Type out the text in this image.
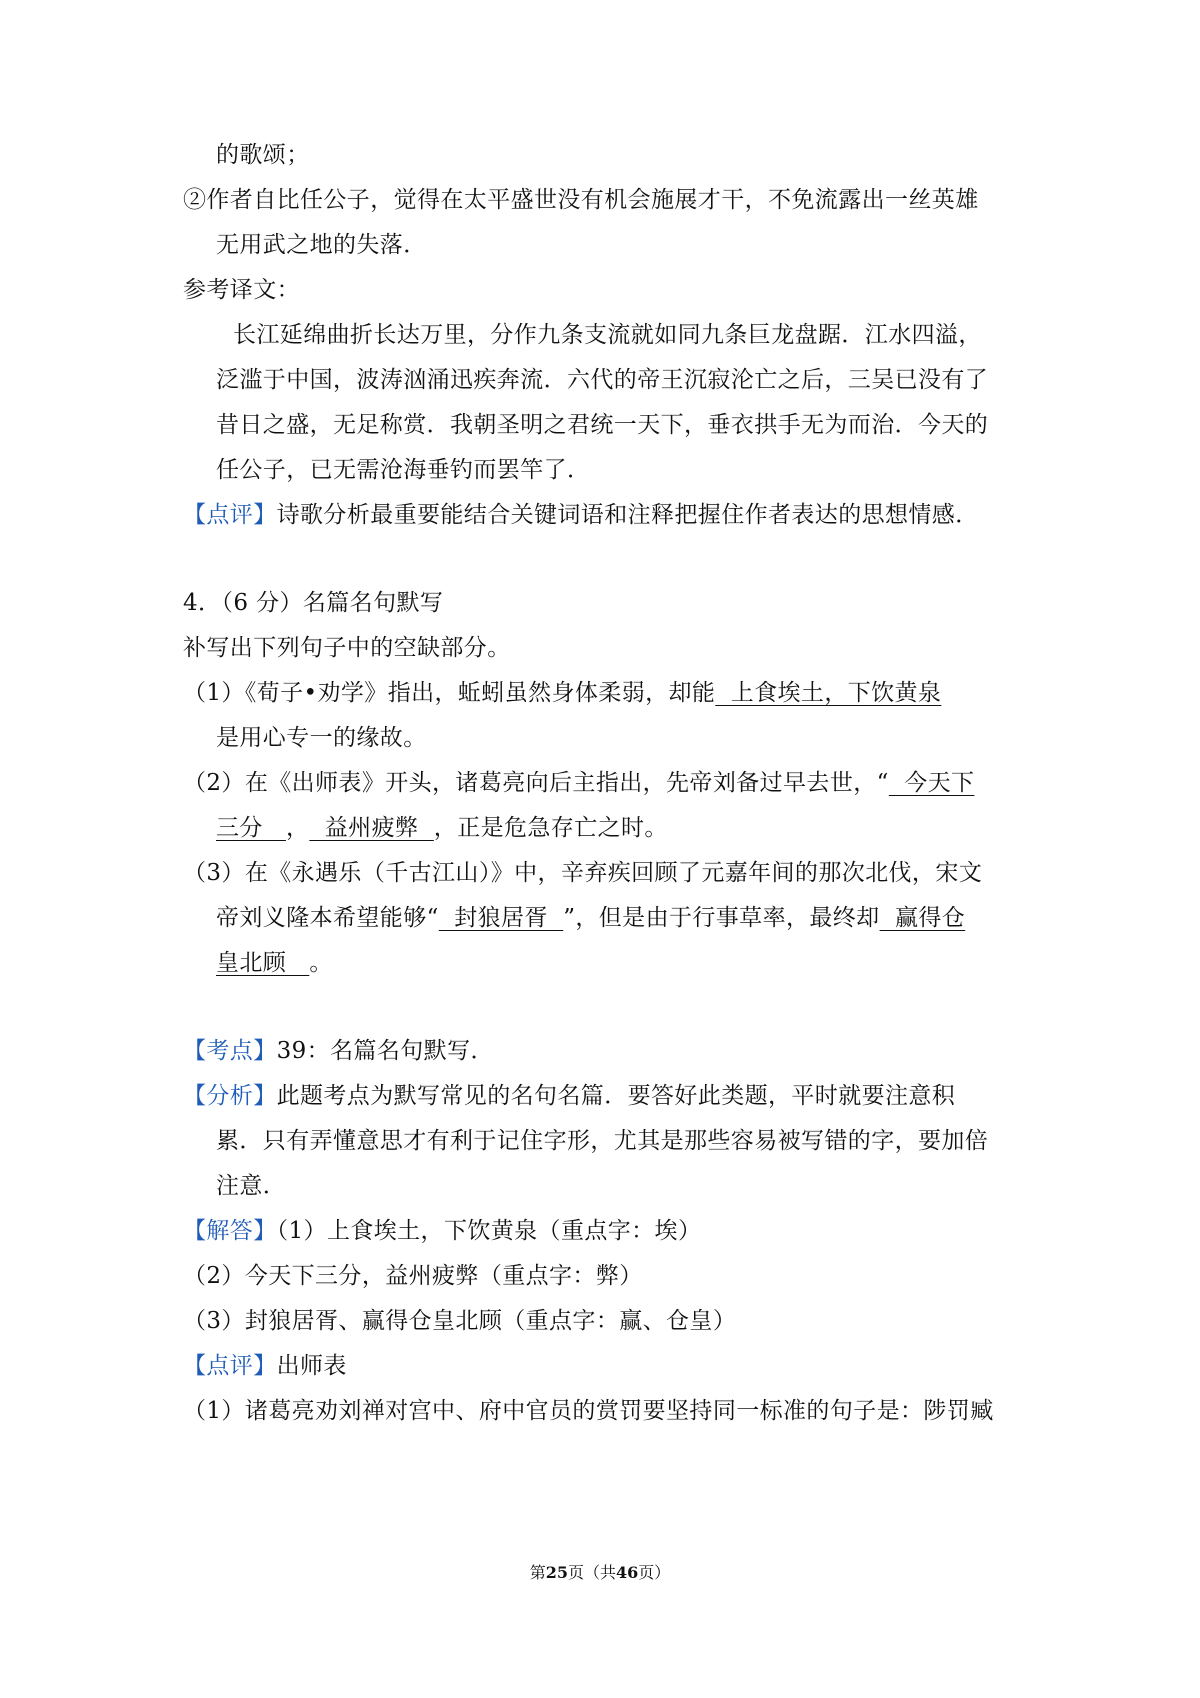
的歌颂；
②作者自比任公子，觉得在太平盛世没有机会施展才干，不免流露出一丝英雄
无用武之地的失落．
参考译文：
长江延绵曲折长达万里，分作九条支流就如同九条巨龙盘踞．江水四溢，
泛滥于中国，波涛汹涌迅疾奔流．六代的帝王沉寂沦亡之后，三吴已没有了
昔日之盛，无足称赏．我朝圣明之君统一天下，垂衣拱手无为而治．今天的
任公子，已无需沧海垂钓而罢竿了．
【点评】诗歌分析最重要能结合关键词语和注释把握住作者表达的思想情感．
4．（6 分）名篇名句默写
补写出下列句子中的空缺部分。
（1）《荀子•劝学》指出，蚯蚓虽然身体柔弱，却能  上食埃土，下饮黄泉
是用心专一的缘故。
（2）在《出师表》开头，诸葛亮向后主指出，先帝刘备过早去世，“  今天下
三分   ，  益州疲弊  ，正是危急存亡之时。
（3）在《永遇乐（千古江山）》中，辛弃疾回顾了元嘉年间的那次北伐，宋文
帝刘义隆本希望能够“  封狼居胥  ”，但是由于行事草率，最终却  赢得仓
皇北顾   。
【考点】39：名篇名句默写．
【分析】此题考点为默写常见的名句名篇．要答好此类题，平时就要注意积
累．只有弄懂意思才有利于记住字形，尤其是那些容易被写错的字，要加倍
注意．
【解答】（1）上食埃土，下饮黄泉（重点字：埃）
（2）今天下三分，益州疲弊（重点字：弊）
（3）封狼居胥、赢得仓皇北顾（重点字：赢、仓皇）
【点评】出师表
（1）诸葛亮劝刘禅对宫中、府中官员的赏罚要坚持同一标准的句子是：陟罚臧
第25页（共46页）
